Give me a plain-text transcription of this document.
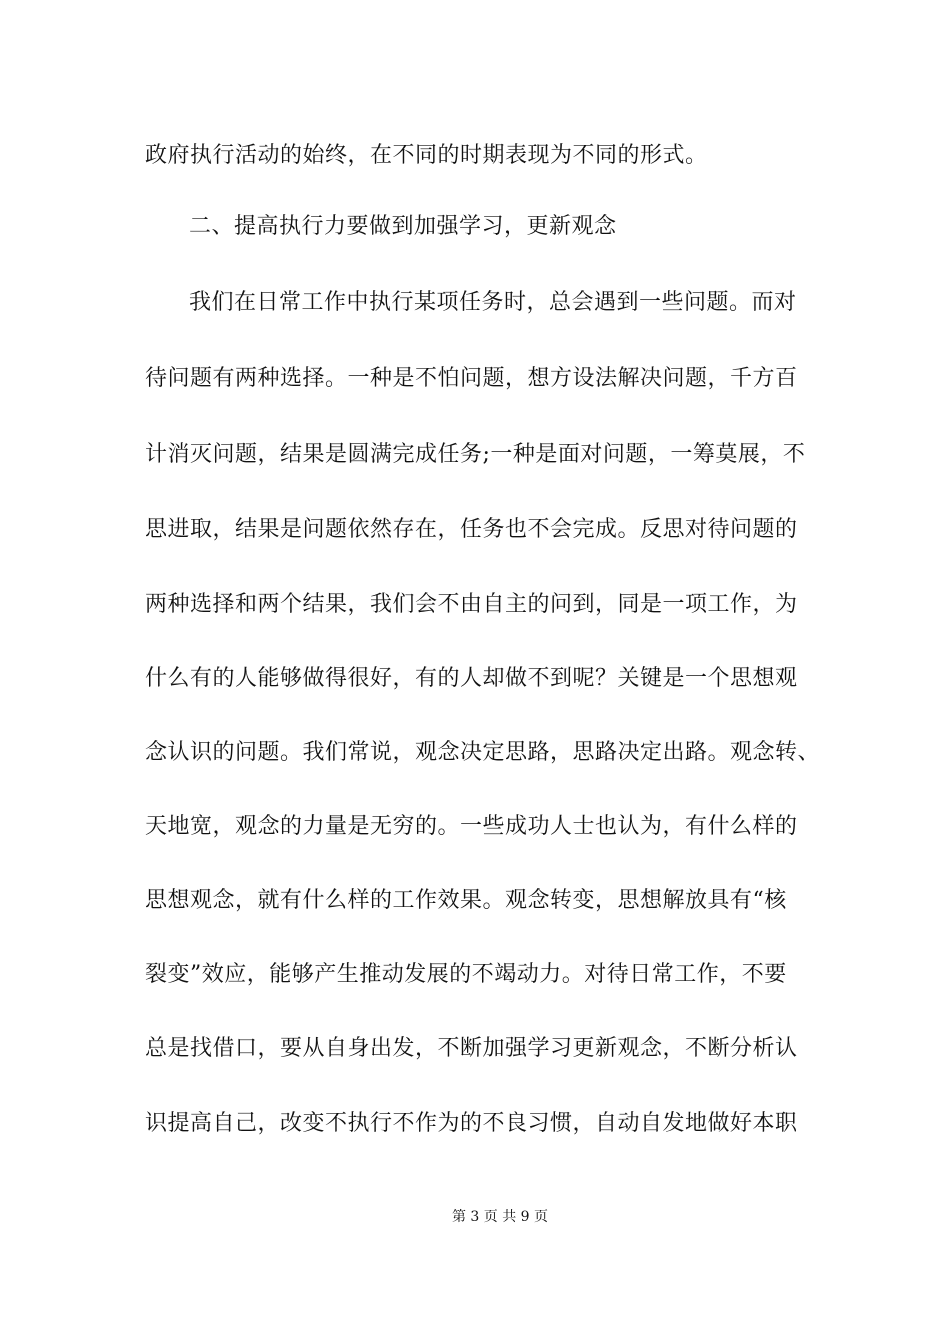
政府执行活动的始终，在不同的时期表现为不同的形式。
二、提高执行力要做到加强学习，更新观念
我们在日常工作中执行某项任务时，总会遇到一些问题。而对
待问题有两种选择。一种是不怕问题，想方设法解决问题，千方百
计消灭问题，结果是圆满完成任务;一种是面对问题，一筹莫展，不
思进取，结果是问题依然存在，任务也不会完成。反思对待问题的
两种选择和两个结果，我们会不由自主的问到，同是一项工作，为
什么有的人能够做得很好，有的人却做不到呢？关键是一个思想观
念认识的问题。我们常说，观念决定思路，思路决定出路。观念转、
天地宽，观念的力量是无穷的。一些成功人士也认为，有什么样的
思想观念，就有什么样的工作效果。观念转变，思想解放具有“核
裂变”效应，能够产生推动发展的不竭动力。对待日常工作，不要
总是找借口，要从自身出发，不断加强学习更新观念，不断分析认
识提高自己，改变不执行不作为的不良习惯，自动自发地做好本职
第 3 页 共 9 页
